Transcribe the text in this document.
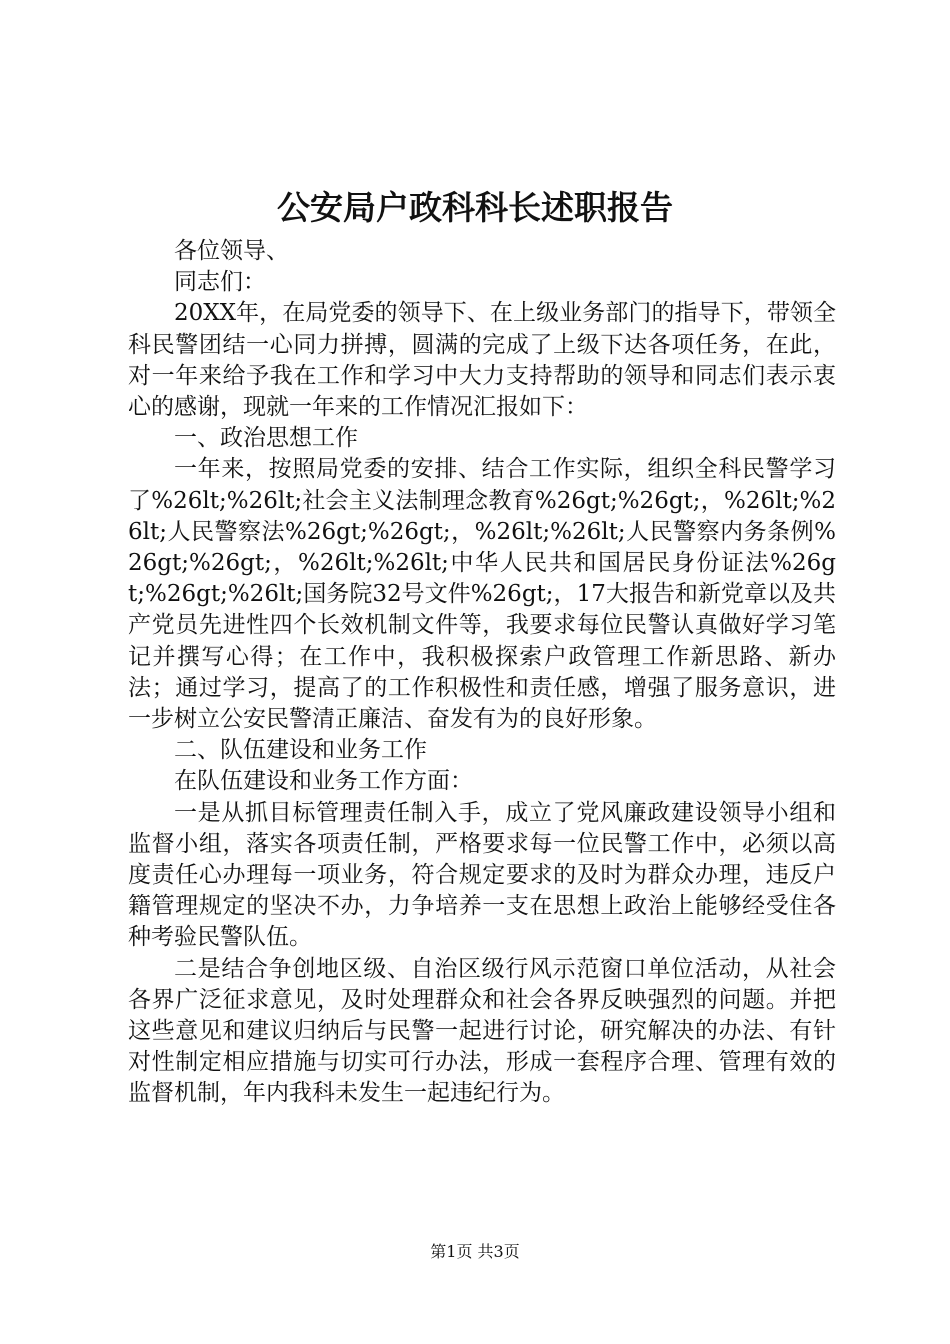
公安局户政科科长述职报告

各位领导、

同志们：

20XX年，在局党委的领导下、在上级业务部门的指导下，带领全科民警团结一心同力拼搏，圆满的完成了上级下达各项任务，在此，对一年来给予我在工作和学习中大力支持帮助的领导和同志们表示衷心的感谢，现就一年来的工作情况汇报如下：

一、政治思想工作

一年来，按照局党委的安排、结合工作实际，组织全科民警学习了%26lt;%26lt;社会主义法制理念教育%26gt;%26gt;，%26lt;%26lt;人民警察法%26gt;%26gt;，%26lt;%26lt;人民警察内务条例%26gt;%26gt;，%26lt;%26lt;中华人民共和国居民身份证法%26gt;%26gt;%26lt;国务院32号文件%26gt;，17大报告和新党章以及共产党员先进性四个长效机制文件等，我要求每位民警认真做好学习笔记并撰写心得；在工作中，我积极探索户政管理工作新思路、新办法；通过学习，提高了的工作积极性和责任感，增强了服务意识，进一步树立公安民警清正廉洁、奋发有为的良好形象。

二、队伍建设和业务工作

在队伍建设和业务工作方面：

一是从抓目标管理责任制入手，成立了党风廉政建设领导小组和监督小组，落实各项责任制，严格要求每一位民警工作中，必须以高度责任心办理每一项业务，符合规定要求的及时为群众办理，违反户籍管理规定的坚决不办，力争培养一支在思想上政治上能够经受住各种考验民警队伍。

二是结合争创地区级、自治区级行风示范窗口单位活动，从社会各界广泛征求意见，及时处理群众和社会各界反映强烈的问题。并把这些意见和建议归纳后与民警一起进行讨论，研究解决的办法、有针对性制定相应措施与切实可行办法，形成一套程序合理、管理有效的监督机制，年内我科未发生一起违纪行为。

第1页 共3页
